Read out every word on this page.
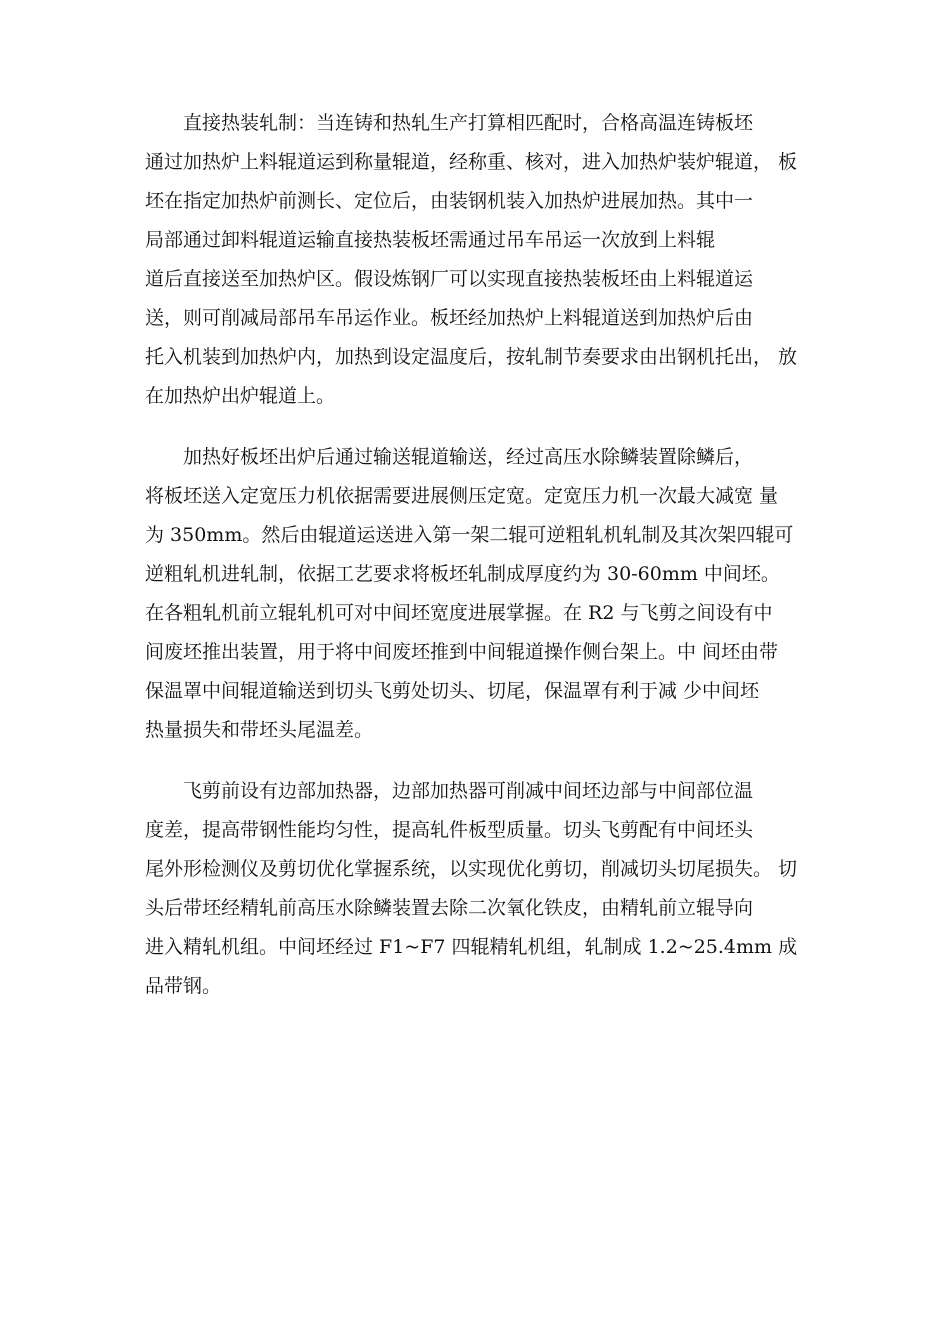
　　直接热装轧制：当连铸和热轧生产打算相匹配时，合格高温连铸板坯
通过加热炉上料辊道运到称量辊道，经称重、核对，进入加热炉装炉辊道， 板
坯在指定加热炉前测长、定位后，由装钢机装入加热炉进展加热。其中一
局部通过卸料辊道运输直接热装板坯需通过吊车吊运一次放到上料辊
道后直接送至加热炉区。假设炼钢厂可以实现直接热装板坯由上料辊道运
送，则可削减局部吊车吊运作业。板坯经加热炉上料辊道送到加热炉后由
托入机装到加热炉内，加热到设定温度后，按轧制节奏要求由出钢机托出， 放
在加热炉出炉辊道上。
　　加热好板坯出炉后通过输送辊道输送，经过高压水除鳞装置除鳞后，
将板坯送入定宽压力机依据需要进展侧压定宽。定宽压力机一次最大减宽 量
为 350mm。然后由辊道运送进入第一架二辊可逆粗轧机轧制及其次架四辊可
逆粗轧机进轧制，依据工艺要求将板坯轧制成厚度约为 30-60mm 中间坯。
在各粗轧机前立辊轧机可对中间坯宽度进展掌握。在 R2 与飞剪之间设有中
间废坯推出装置，用于将中间废坯推到中间辊道操作侧台架上。中 间坯由带
保温罩中间辊道输送到切头飞剪处切头、切尾，保温罩有利于减 少中间坯
热量损失和带坯头尾温差。
　　飞剪前设有边部加热器，边部加热器可削减中间坯边部与中间部位温
度差，提高带钢性能均匀性，提高轧件板型质量。切头飞剪配有中间坯头
尾外形检测仪及剪切优化掌握系统，以实现优化剪切，削减切头切尾损失。 切
头后带坯经精轧前高压水除鳞装置去除二次氧化铁皮，由精轧前立辊导向
进入精轧机组。中间坯经过 F1~F7 四辊精轧机组，轧制成 1.2~25.4mm 成
品带钢。
